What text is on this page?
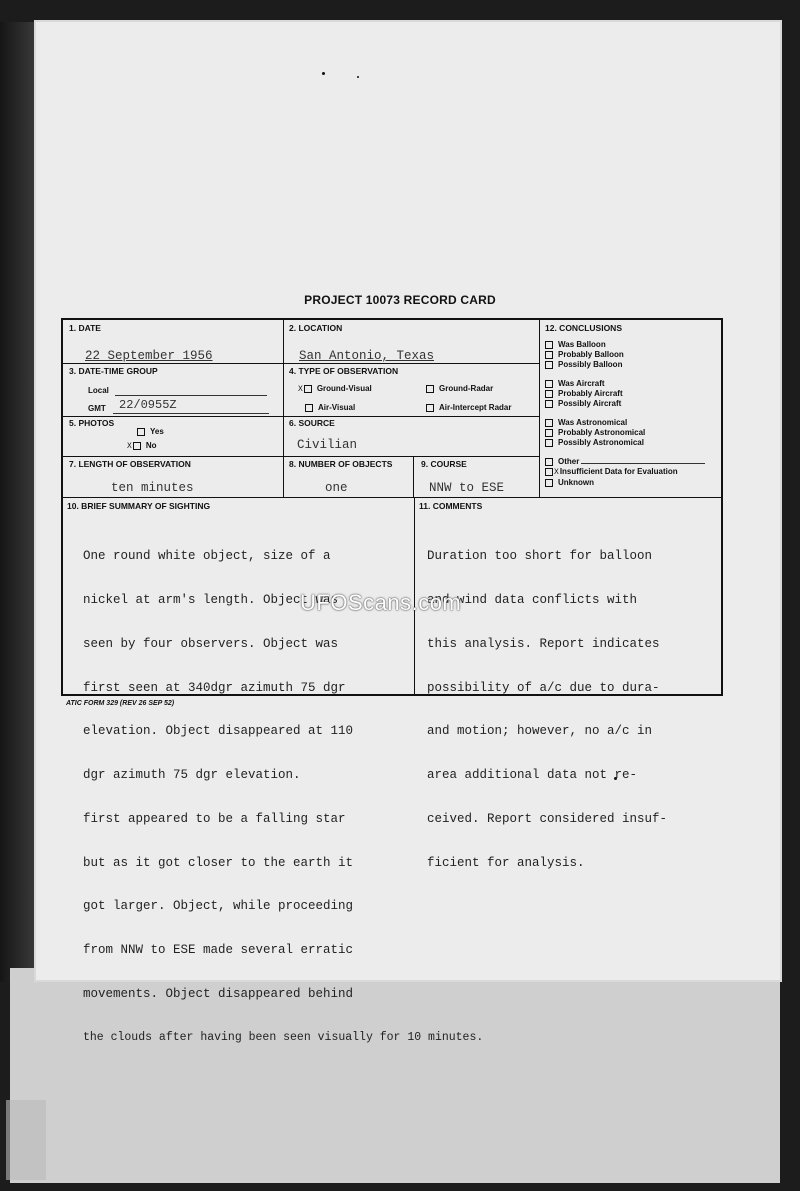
PROJECT 10073 RECORD CARD
1. DATE
22 September 1956
2. LOCATION
San Antonio, Texas
3. DATE-TIME GROUP
Local
GMT 22/0955Z
4. TYPE OF OBSERVATION
X Ground-Visual	Ground-Radar
Air-Visual	Air-Intercept Radar
5. PHOTOS
Yes
X No
6. SOURCE
Civilian
7. LENGTH OF OBSERVATION
ten minutes
8. NUMBER OF OBJECTS
one
9. COURSE
NNW to ESE
12. CONCLUSIONS
Was Balloon
Probably Balloon
Possibly Balloon
Was Aircraft
Probably Aircraft
Possibly Aircraft
Was Astronomical
Probably Astronomical
Possibly Astronomical
Other
XInsufficient Data for Evaluation
Unknown
10. BRIEF SUMMARY OF SIGHTING

One round white object, size of a

nickel at arm's length. Object was

seen by four observers. Object was

first seen at 340dgr azimuth 75 dgr

elevation. Object disappeared at 110

dgr azimuth 75 dgr elevation.

first appeared to be a falling star

but as it got closer to the earth it

got larger. Object, while proceeding

from NNW to ESE made several erratic

movements. Object disappeared behind

the clouds after having been seen visually for 10 minutes.

11. COMMENTS

Duration too short for balloon

and wind data conflicts with

this analysis. Report indicates

possibility of a/c due to dura-

and motion; however, no a/c in

area additional data not re-

ceived. Report considered insuf-

ficient for analysis.

UFOScans.com
ATIC FORM 329 (REV 26 SEP 52)
